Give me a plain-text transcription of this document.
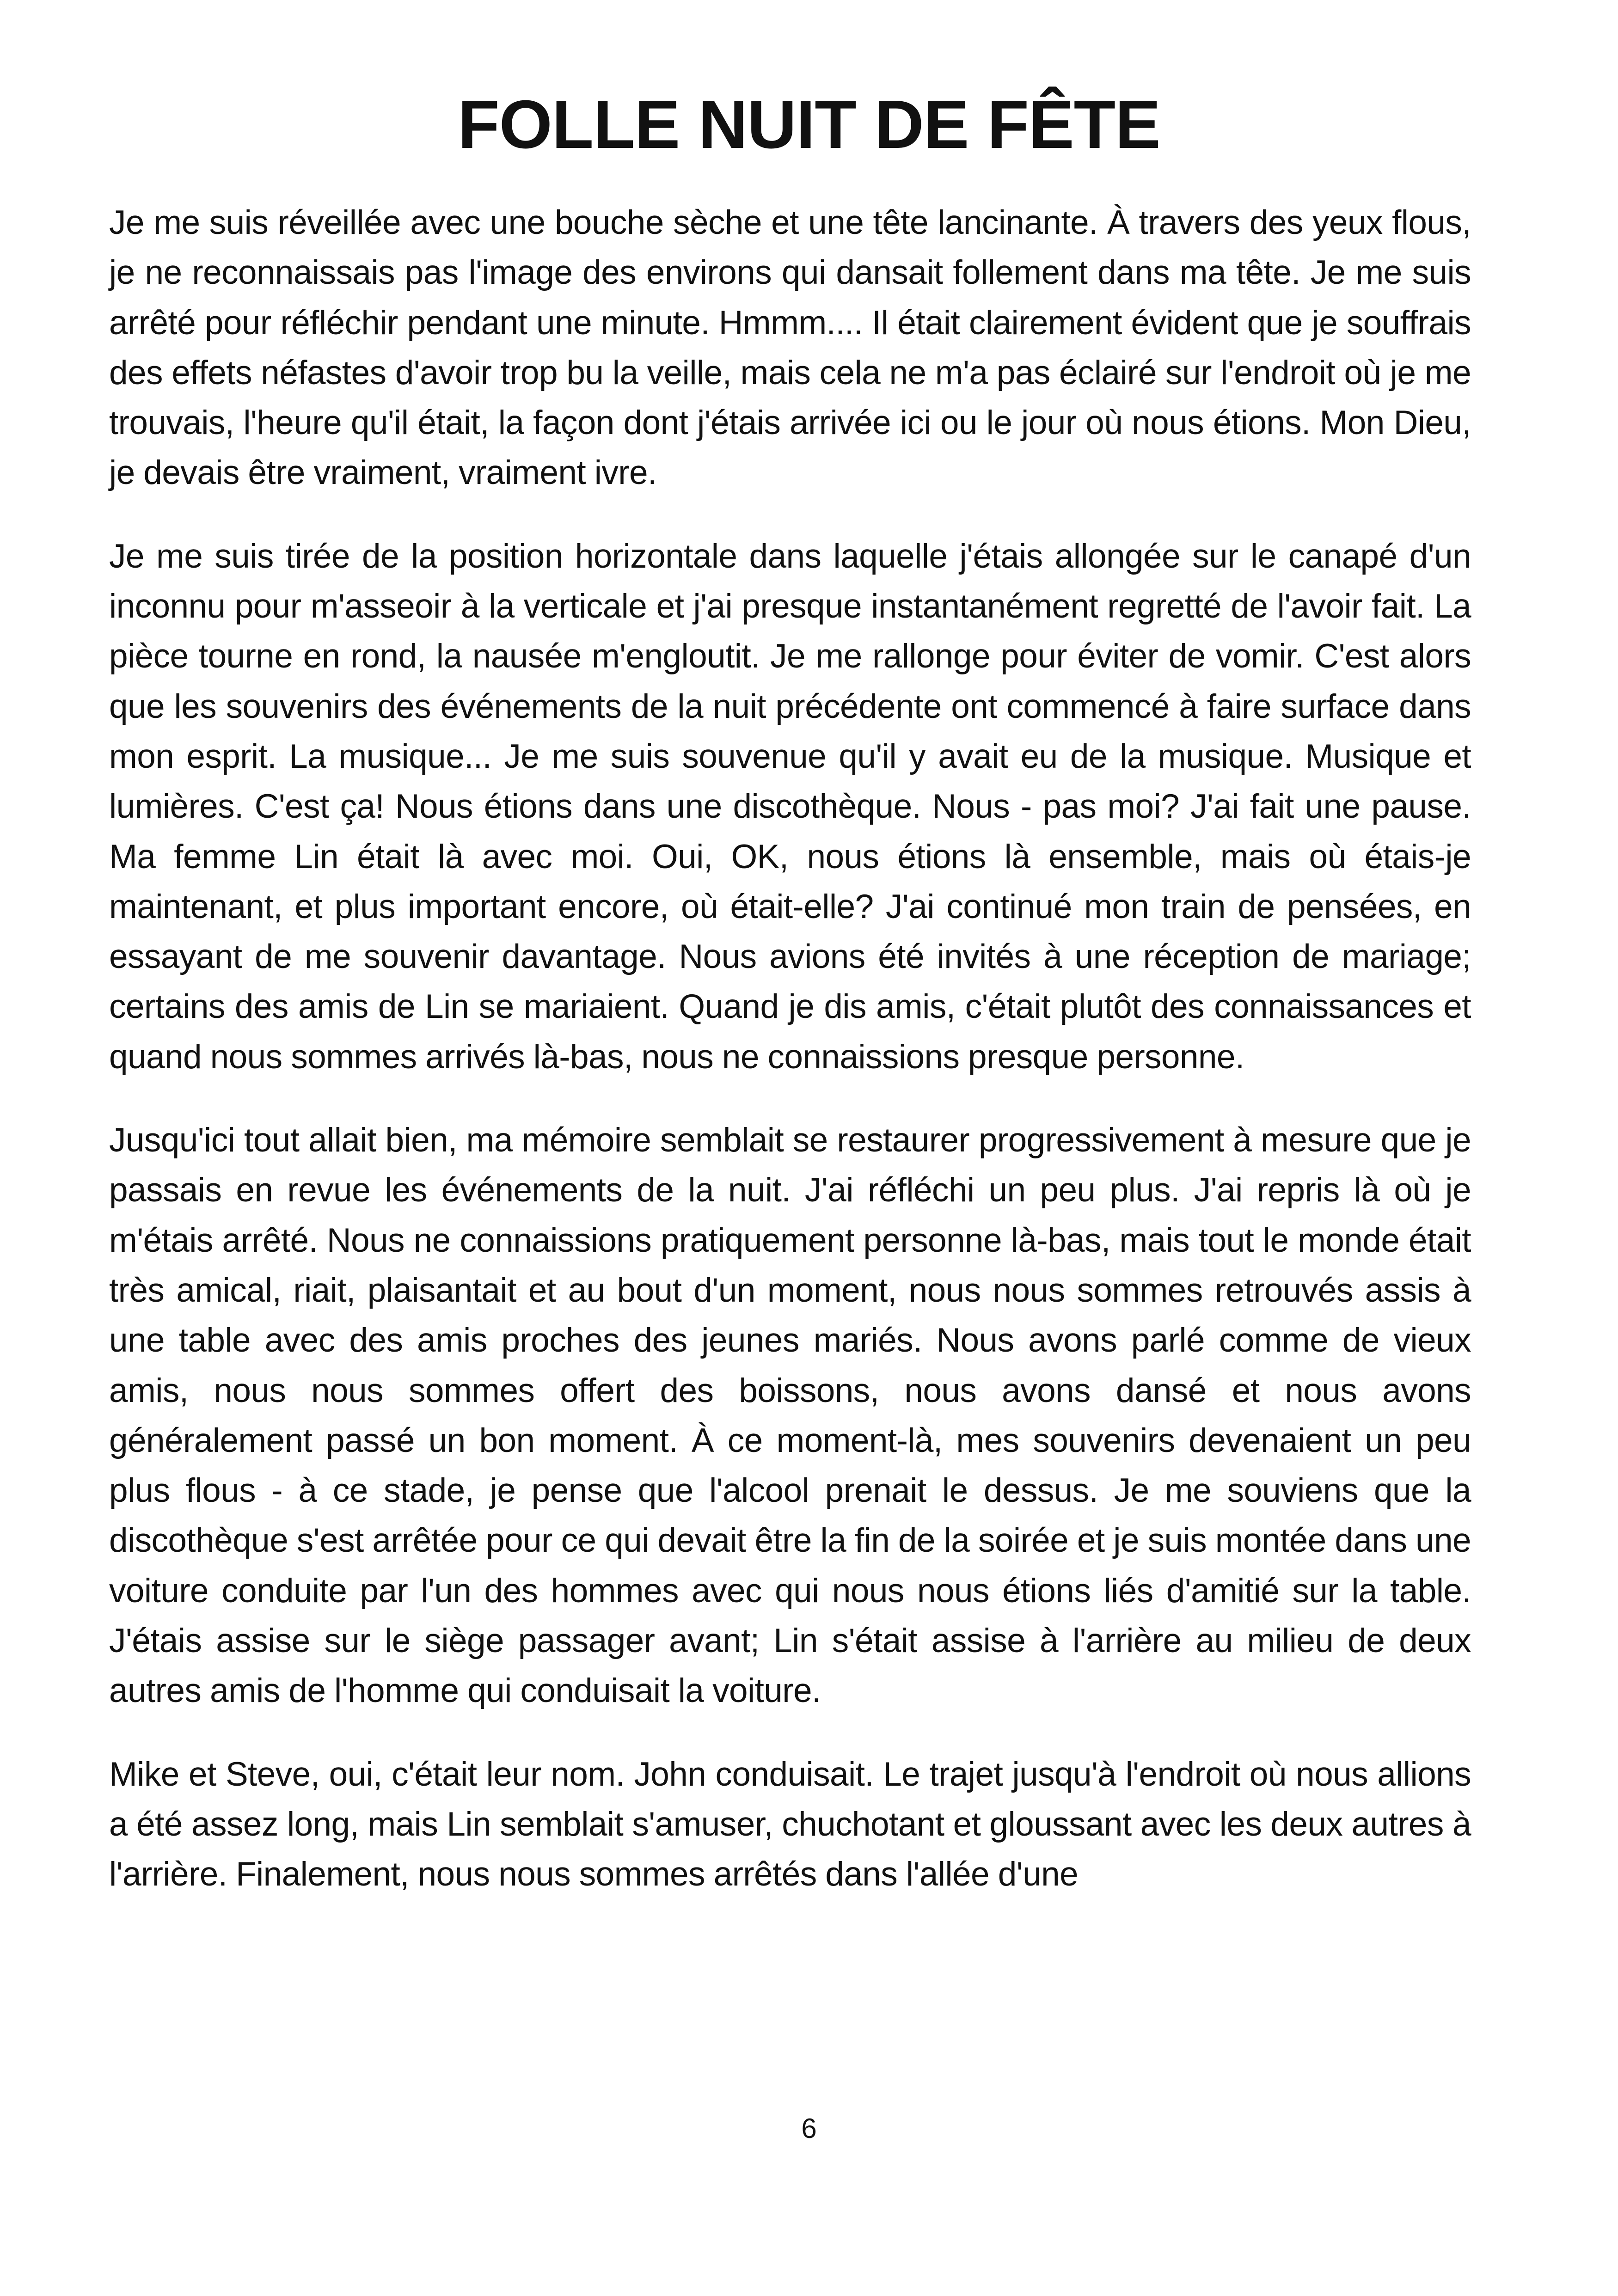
FOLLE NUIT DE FÊTE

Je me suis réveillée avec une bouche sèche et une tête lancinante. À travers des yeux flous, je ne reconnaissais pas l'image des environs qui dansait follement dans ma tête. Je me suis arrêté pour réfléchir pendant une minute. Hmmm.... Il était clairement évident que je souffrais des effets néfastes d'avoir trop bu la veille, mais cela ne m'a pas éclairé sur l'endroit où je me trouvais, l'heure qu'il était, la façon dont j'étais arrivée ici ou le jour où nous étions. Mon Dieu, je devais être vraiment, vraiment ivre.

Je me suis tirée de la position horizontale dans laquelle j'étais allongée sur le canapé d'un inconnu pour m'asseoir à la verticale et j'ai presque instantanément regretté de l'avoir fait. La pièce tourne en rond, la nausée m'engloutit. Je me rallonge pour éviter de vomir. C'est alors que les souvenirs des événements de la nuit précédente ont commencé à faire surface dans mon esprit. La musique... Je me suis souvenue qu'il y avait eu de la musique. Musique et lumières. C'est ça! Nous étions dans une discothèque. Nous - pas moi? J'ai fait une pause. Ma femme Lin était là avec moi. Oui, OK, nous étions là ensemble, mais où étais-je maintenant, et plus important encore, où était-elle? J'ai continué mon train de pensées, en essayant de me souvenir davantage. Nous avions été invités à une réception de mariage; certains des amis de Lin se mariaient. Quand je dis amis, c'était plutôt des connaissances et quand nous sommes arrivés là-bas, nous ne connaissions presque personne.

Jusqu'ici tout allait bien, ma mémoire semblait se restaurer progressivement à mesure que je passais en revue les événements de la nuit. J'ai réfléchi un peu plus. J'ai repris là où je m'étais arrêté. Nous ne connaissions pratiquement personne là-bas, mais tout le monde était très amical, riait, plaisantait et au bout d'un moment, nous nous sommes retrouvés assis à une table avec des amis proches des jeunes mariés. Nous avons parlé comme de vieux amis, nous nous sommes offert des boissons, nous avons dansé et nous avons généralement passé un bon moment. À ce moment-là, mes souvenirs devenaient un peu plus flous - à ce stade, je pense que l'alcool prenait le dessus. Je me souviens que la discothèque s'est arrêtée pour ce qui devait être la fin de la soirée et je suis montée dans une voiture conduite par l'un des hommes avec qui nous nous étions liés d'amitié sur la table. J'étais assise sur le siège passager avant; Lin s'était assise à l'arrière au milieu de deux autres amis de l'homme qui conduisait la voiture.

Mike et Steve, oui, c'était leur nom. John conduisait. Le trajet jusqu'à l'endroit où nous allions a été assez long, mais Lin semblait s'amuser, chuchotant et gloussant avec les deux autres à l'arrière. Finalement, nous nous sommes arrêtés dans l'allée d'une

6
